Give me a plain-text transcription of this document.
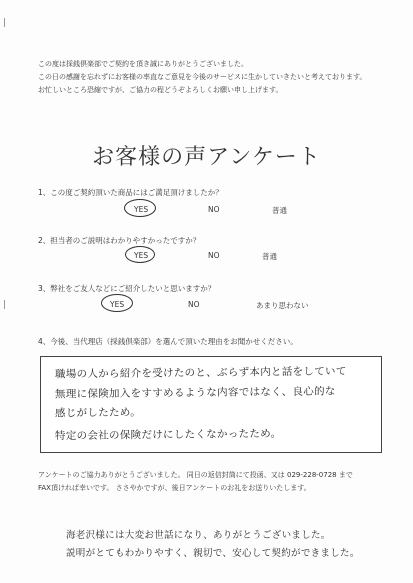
この度は採銭倶楽部でご契約を頂き誠にありがとうございました。
この日の感謝を忘れずにお客様の率直なご意見を今後のサービスに生かしていきたいと考えております。
お忙しいところ恐縮ですが、ご協力の程どうぞよろしくお願い申し上げます。
お客様の声アンケート
1、この度ご契約頂いた商品にはご満足頂けましたか？
YES	NO	普通
2、担当者のご説明はわかりやすかったですか？
YES	NO	普通
3、弊社をご友人などにご紹介したいと思いますか？
YES	NO	あまり思わない
4、今後、当代理店（採銭倶楽部）を選んで頂いた理由をお聞かせください。
職場の人から紹介を受けたのと、ぶらず本内と話をしていて
無理に保険加入をすすめるような内容ではなく、良心的な
感じがしたため。
特定の会社の保険だけにしたくなかったため。
アンケートのご協力ありがとうございました。 同日の返信封筒にて投函、又は 029-228-0728 まで
FAX頂ければ幸いです。 ささやかですが、後日アンケートのお礼をお送りいたします。
海老沢様には大変お世話になり、ありがとうございました。
説明がとてもわかりやすく、親切で、安心して契約ができました。
